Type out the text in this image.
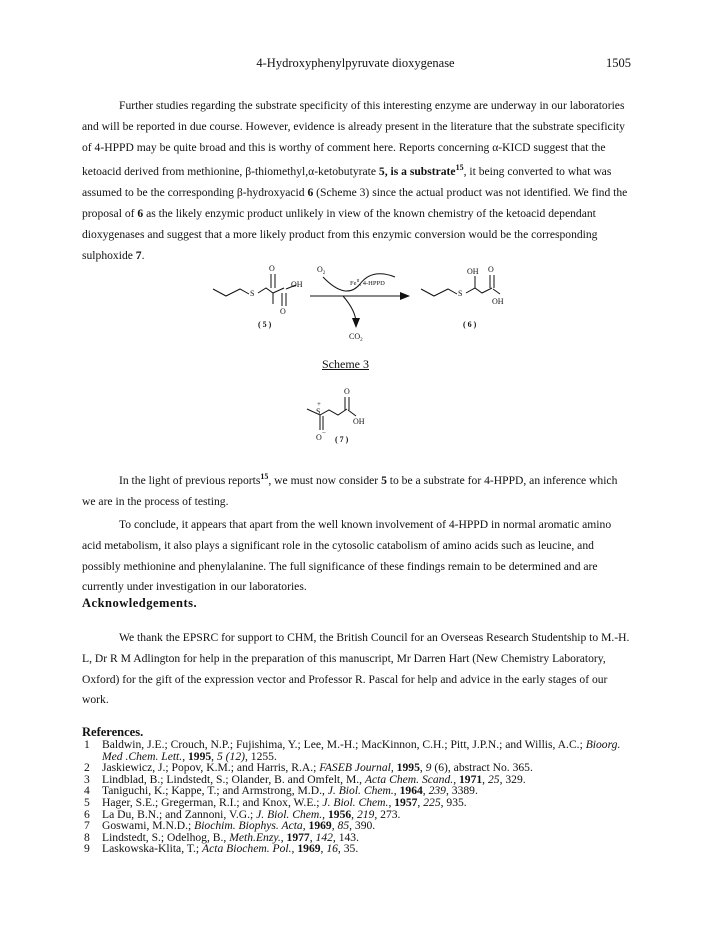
4-Hydroxyphenylpyruvate dioxygenase	1505

Further studies regarding the substrate specificity of this interesting enzyme are underway in our laboratories and will be reported in due course. However, evidence is already present in the literature that the substrate specificity of 4-HPPD may be quite broad and this is worthy of comment here. Reports concerning α-KICD suggest that the ketoacid derived from methionine, β-thiomethyl,α-ketobutyrate 5, is a substrate$^{15}$, it being converted to what was assumed to be the corresponding β-hydroxyacid 6 (Scheme 3) since the actual product was not identified. We find the proposal of 6 as the likely enzymic product unlikely in view of the known chemistry of the ketoacid dependant dioxygenases and suggest that a more likely product from this enzymic conversion would be the corresponding sulphoxide 7.

O
OH
S
O
( 5 )
$O_2$
$Fe^{II}$, 4-HPPD
$CO_2$
S
OH O
OH
( 6 )
O
OH
S
+
O −
( 7 )
Scheme 3

In the light of previous reports$^{15}$, we must now consider 5 to be a substrate for 4-HPPD, an inference which we are in the process of testing.

To conclude, it appears that apart from the well known involvement of 4-HPPD in normal aromatic amino acid metabolism, it also plays a significant role in the cytosolic catabolism of amino acids such as leucine, and possibly methionine and phenylalanine. The full significance of these findings remain to be determined and are currently under investigation in our laboratories.

Acknowledgements.

We thank the EPSRC for support to CHM, the British Council for an Overseas Research Studentship to M.-H. L, Dr R M Adlington for help in the preparation of this manuscript, Mr Darren Hart (New Chemistry Laboratory, Oxford) for the gift of the expression vector and Professor R. Pascal for help and advice in the early stages of our work.

References.
1 Baldwin, J.E.; Crouch, N.P.; Fujishima, Y.; Lee, M.-H.; MacKinnon, C.H.; Pitt, J.P.N.; and Willis, A.C.; Bioorg. Med .Chem. Lett., 1995, 5 (12), 1255.
2 Jaskiewicz, J.; Popov, K.M.; and Harris, R.A.; FASEB Journal, 1995, 9 (6), abstract No. 365.
3 Lindblad, B.; Lindstedt, S.; Olander, B. and Omfelt, M., Acta Chem. Scand., 1971, 25, 329.
4 Taniguchi, K.; Kappe, T.; and Armstrong, M.D., J. Biol. Chem., 1964, 239, 3389.
5 Hager, S.E.; Gregerman, R.I.; and Knox, W.E.; J. Biol. Chem., 1957, 225, 935.
6 La Du, B.N.; and Zannoni, V.G.; J. Biol. Chem., 1956, 219, 273.
7 Goswami, M.N.D.; Biochim. Biophys. Acta, 1969, 85, 390.
8 Lindstedt, S.; Odelhog, B., Meth.Enzy., 1977, 142, 143.
9 Laskowska-Klita, T.; Acta Biochem. Pol., 1969, 16, 35.
